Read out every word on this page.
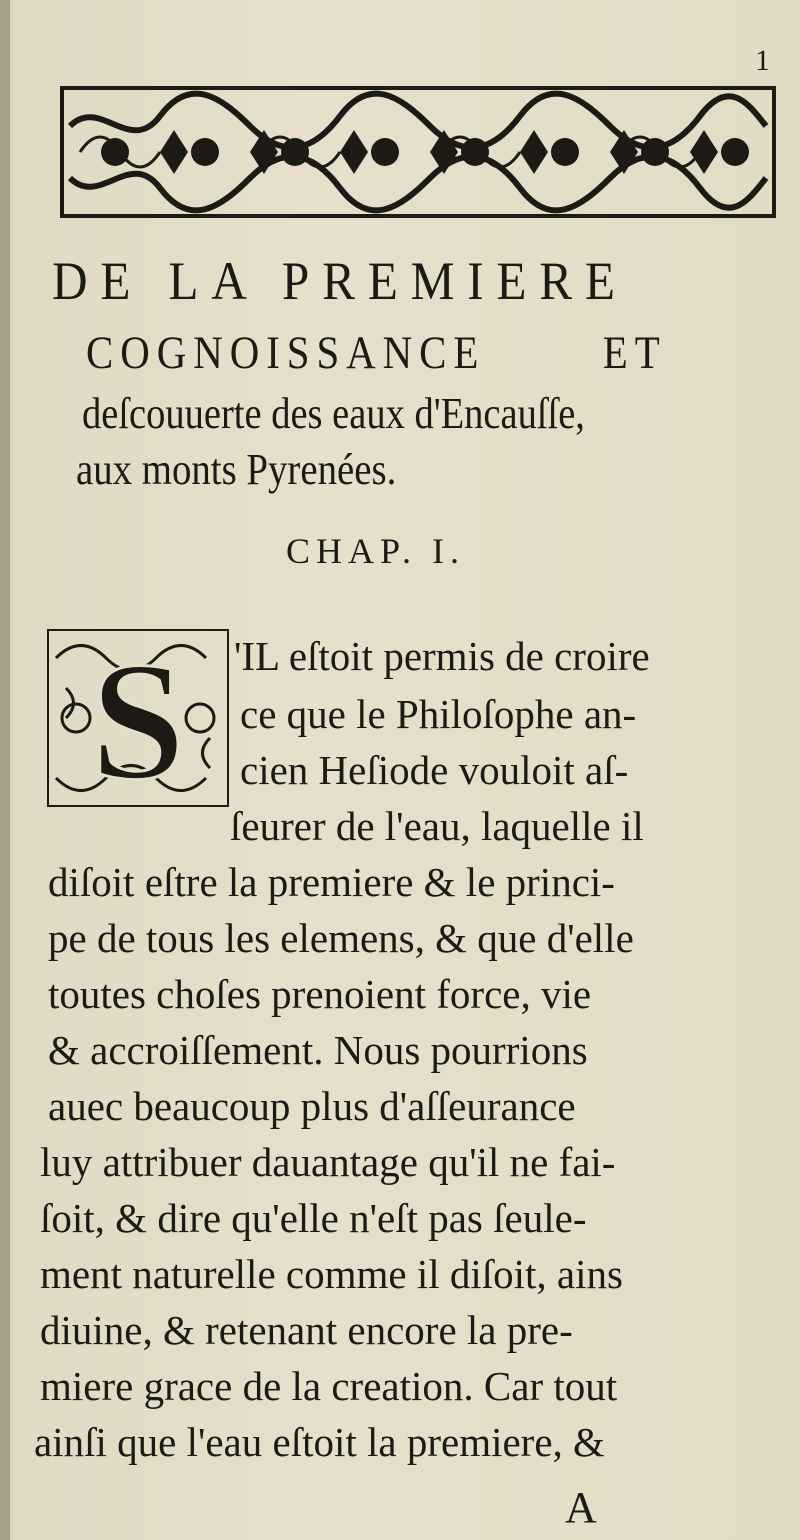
1
DE LA PREMIERE
COGNOISSANCE ET
deſcouuerte des eaux d'Encauſſe,
aux monts Pyrenées.
CHAP. I.
S 'IL eſtoit permis de croire
ce que le Philoſophe an-
cien Heſiode vouloit aſ-
ſeurer de l'eau, laquelle il
diſoit eſtre la premiere & le princi-
pe de tous les elemens, & que d'elle
toutes choſes prenoient force, vie
& accroiſſement. Nous pourrions
auec beaucoup plus d'aſſeurance
luy attribuer dauantage qu'il ne fai-
ſoit, & dire qu'elle n'eſt pas ſeule-
ment naturelle comme il diſoit, ains
diuine, & retenant encore la pre-
miere grace de la creation. Car tout
ainſi que l'eau eſtoit la premiere, &
A
